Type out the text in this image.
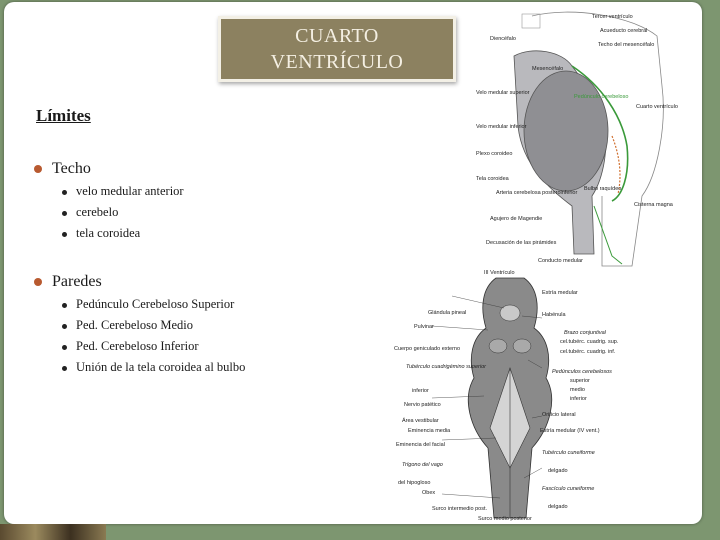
CUARTO
VENTRÍCULO
Límites
Techo
velo medular anterior
cerebelo
tela coroidea
Paredes
Pedúnculo Cerebeloso Superior
Ped. Cerebeloso Medio
Ped. Cerebeloso Inferior
Unión de la tela coroidea al bulbo
Tercer ventrículo
Acueducto cerebral
Diencéfalo
Techo del mesencéfalo
Mesencéfalo
Velo medular superior
Cuarto ventrículo
Velo medular inferior
Plexo coroideo
Tela coroidea
Bulbo raquídeo
Arteria cerebelosa posteroinferior
Cisterna magna
Agujero de Magendie
Decusación de las pirámides
Conducto medular
Pedúnculo cerebeloso
III Ventrículo
Estría medular
Glándula pineal	Habénula
Pulvinar
Brazo conjuntival
cel.tubérc. cuadrig. sup.
cel.tubérc. cuadrig. inf.
Cuerpo geniculado externo
Tubérculo cuadrigémino superior
inferior
Pedúnculos cerebelosos
superior
medio
inferior
Nervio patético
Orificio lateral
Área vestibular
Eminencia media	Estría medular (IV vent.)
Eminencia del facial
Tubérculo cuneiforme
delgado
Trígono del vago
del hipogloso
Obex
Fascículo cuneiforme
delgado
Surco intermedio post.
Surco medio posterior
